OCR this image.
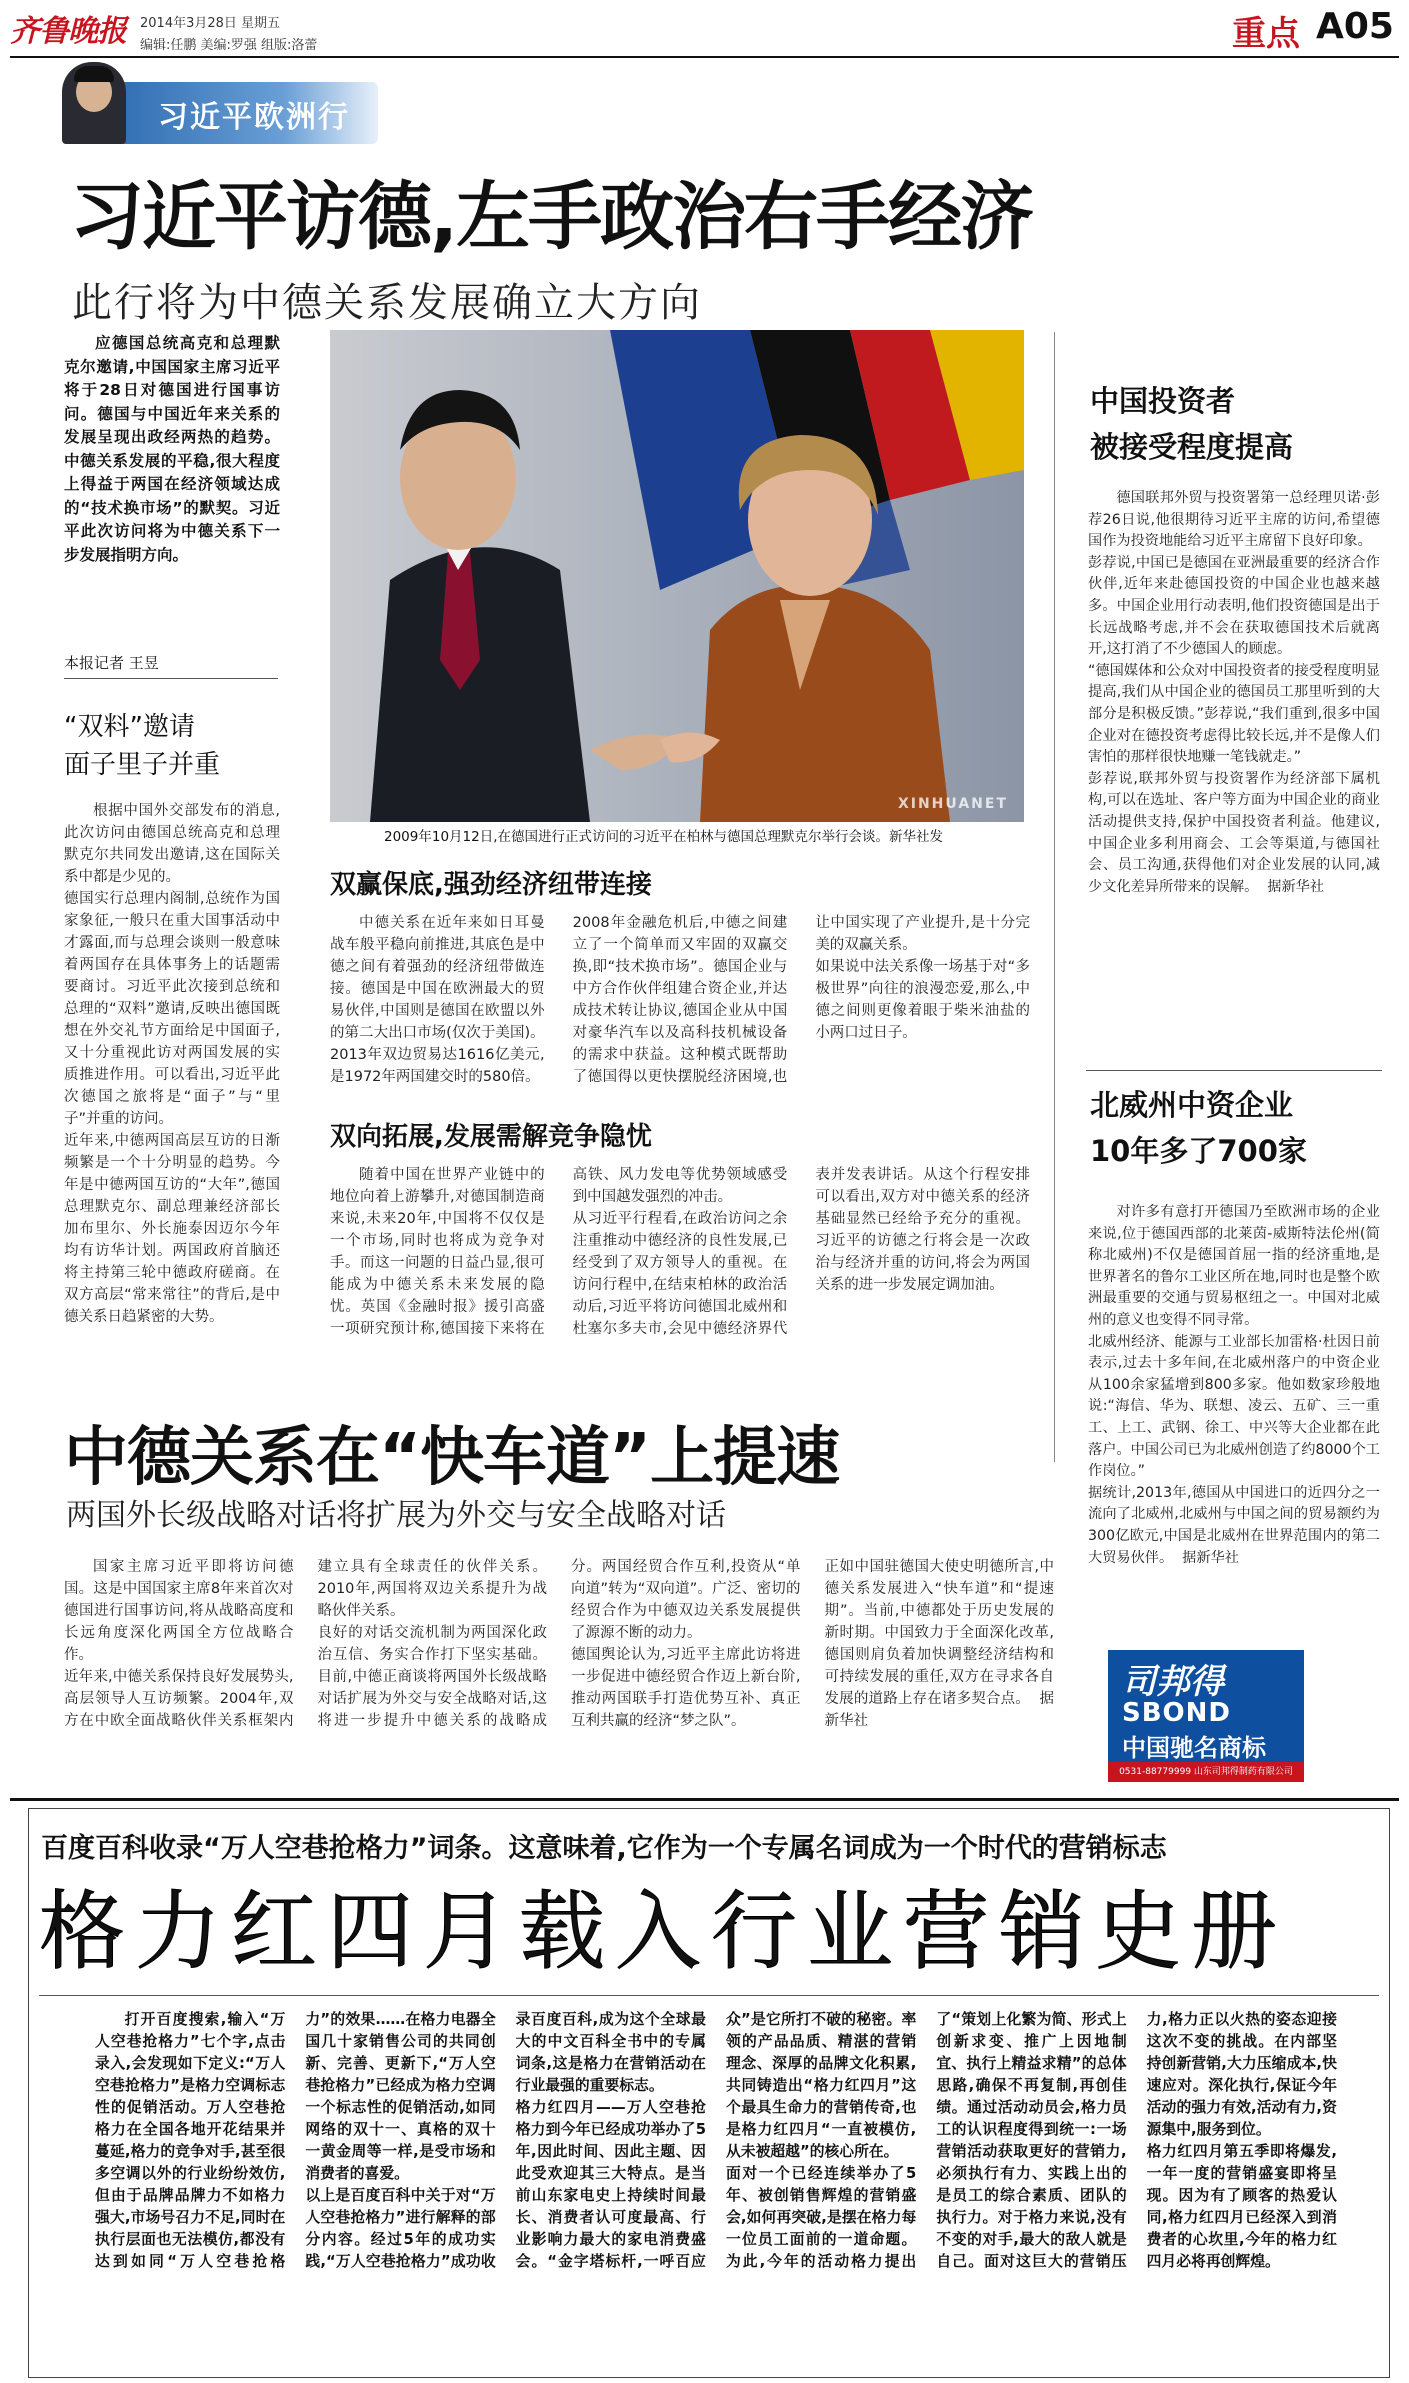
齐鲁晚报 2014年3月28日 星期五
编辑:任鹏 美编:罗强 组版:洛蕾	重点 A05
习近平欧洲行
习近平访德,左手政治右手经济
此行将为中德关系发展确立大方向
应德国总统高克和总理默克尔邀请,中国国家主席习近平将于28日对德国进行国事访问。德国与中国近年来关系的发展呈现出政经两热的趋势。中德关系发展的平稳,很大程度上得益于两国在经济领域达成的“技术换市场”的默契。习近平此次访问将为中德关系下一步发展指明方向。
本报记者 王昱
“双料”邀请
面子里子并重
根据中国外交部发布的消息,此次访问由德国总统高克和总理默克尔共同发出邀请,这在国际关系中都是少见的。
德国实行总理内阁制,总统作为国家象征,一般只在重大国事活动中才露面,而与总理会谈则一般意味着两国存在具体事务上的话题需要商讨。习近平此次接到总统和总理的“双料”邀请,反映出德国既想在外交礼节方面给足中国面子,又十分重视此访对两国发展的实质推进作用。可以看出,习近平此次德国之旅将是“面子”与“里子”并重的访问。
近年来,中德两国高层互访的日渐频繁是一个十分明显的趋势。今年是中德两国互访的“大年”,德国总理默克尔、副总理兼经济部长加布里尔、外长施泰因迈尔今年均有访华计划。两国政府首脑还将主持第三轮中德政府磋商。在双方高层“常来常往”的背后,是中德关系日趋紧密的大势。
XINHUANET
2009年10月12日,在德国进行正式访问的习近平在柏林与德国总理默克尔举行会谈。新华社发
双赢保底,强劲经济纽带连接
中德关系在近年来如日耳曼战车般平稳向前推进,其底色是中德之间有着强劲的经济纽带做连接。德国是中国在欧洲最大的贸易伙伴,中国则是德国在欧盟以外的第二大出口市场(仅次于美国)。2013年双边贸易达1616亿美元,是1972年两国建交时的580倍。
2008年金融危机后,中德之间建立了一个简单而又牢固的双赢交换,即“技术换市场”。德国企业与中方合作伙伴组建合资企业,并达成技术转让协议,德国企业从中国对豪华汽车以及高科技机械设备的需求中获益。这种模式既帮助了德国得以更快摆脱经济困境,也让中国实现了产业提升,是十分完美的双赢关系。
如果说中法关系像一场基于对“多极世界”向往的浪漫恋爱,那么,中德之间则更像着眼于柴米油盐的小两口过日子。
双向拓展,发展需解竞争隐忧
随着中国在世界产业链中的地位向着上游攀升,对德国制造商来说,未来20年,中国将不仅仅是一个市场,同时也将成为竞争对手。而这一问题的日益凸显,很可能成为中德关系未来发展的隐忧。英国《金融时报》援引高盛一项研究预计称,德国接下来将在高铁、风力发电等优势领域感受到中国越发强烈的冲击。
从习近平行程看,在政治访问之余注重推动中德经济的良性发展,已经受到了双方领导人的重视。在访问行程中,在结束柏林的政治活动后,习近平将访问德国北威州和杜塞尔多夫市,会见中德经济界代表并发表讲话。从这个行程安排可以看出,双方对中德关系的经济基础显然已经给予充分的重视。习近平的访德之行将会是一次政治与经济并重的访问,将会为两国关系的进一步发展定调加油。
中国投资者
被接受程度提高
德国联邦外贸与投资署第一总经理贝诺·彭荐26日说,他很期待习近平主席的访问,希望德国作为投资地能给习近平主席留下良好印象。
彭荐说,中国已是德国在亚洲最重要的经济合作伙伴,近年来赴德国投资的中国企业也越来越多。中国企业用行动表明,他们投资德国是出于长远战略考虑,并不会在获取德国技术后就离开,这打消了不少德国人的顾虑。
“德国媒体和公众对中国投资者的接受程度明显提高,我们从中国企业的德国员工那里听到的大部分是积极反馈。”彭荐说,“我们重到,很多中国企业对在德投资考虑得比较长远,并不是像人们害怕的那样很快地赚一笔钱就走。”
彭荐说,联邦外贸与投资署作为经济部下属机构,可以在选址、客户等方面为中国企业的商业活动提供支持,保护中国投资者利益。他建议,中国企业多利用商会、工会等渠道,与德国社会、员工沟通,获得他们对企业发展的认同,减少文化差异所带来的误解。  据新华社
北威州中资企业
10年多了700家
对许多有意打开德国乃至欧洲市场的企业来说,位于德国西部的北莱茵-威斯特法伦州(简称北威州)不仅是德国首屈一指的经济重地,是世界著名的鲁尔工业区所在地,同时也是整个欧洲最重要的交通与贸易枢纽之一。中国对北威州的意义也变得不同寻常。
北威州经济、能源与工业部长加雷格·杜因日前表示,过去十多年间,在北威州落户的中资企业从100余家猛增到800多家。他如数家珍般地说:“海信、华为、联想、凌云、五矿、三一重工、上工、武钢、徐工、中兴等大企业都在此落户。中国公司已为北威州创造了约8000个工作岗位。”
据统计,2013年,德国从中国进口的近四分之一流向了北威州,北威州与中国之间的贸易额约为300亿欧元,中国是北威州在世界范围内的第二大贸易伙伴。  据新华社
中德关系在“快车道”上提速
两国外长级战略对话将扩展为外交与安全战略对话
国家主席习近平即将访问德国。这是中国国家主席8年来首次对德国进行国事访问,将从战略高度和长远角度深化两国全方位战略合作。
近年来,中德关系保持良好发展势头,高层领导人互访频繁。2004年,双方在中欧全面战略伙伴关系框架内建立具有全球责任的伙伴关系。2010年,两国将双边关系提升为战略伙伴关系。
良好的对话交流机制为两国深化政治互信、务实合作打下坚实基础。目前,中德正商谈将两国外长级战略对话扩展为外交与安全战略对话,这将进一步提升中德关系的战略成分。两国经贸合作互利,投资从“单向道”转为“双向道”。广泛、密切的经贸合作为中德双边关系发展提供了源源不断的动力。
德国舆论认为,习近平主席此访将进一步促进中德经贸合作迈上新台阶,推动两国联手打造优势互补、真正互利共赢的经济“梦之队”。
正如中国驻德国大使史明德所言,中德关系发展进入“快车道”和“提速期”。当前,中德都处于历史发展的新时期。中国致力于全面深化改革,德国则肩负着加快调整经济结构和可持续发展的重任,双方在寻求各自发展的道路上存在诸多契合点。  据新华社
司邦得
SBOND
中国驰名商标
0531-88779999 山东司邦得制药有限公司
百度百科收录“万人空巷抢格力”词条。这意味着,它作为一个专属名词成为一个时代的营销标志
格力红四月载入行业营销史册
打开百度搜索,输入“万人空巷抢格力”七个字,点击录入,会发现如下定义:“万人空巷抢格力”是格力空调标志性的促销活动。万人空巷抢格力在全国各地开花结果并蔓延,格力的竞争对手,甚至很多空调以外的行业纷纷效仿,但由于品牌品牌力不如格力强大,市场号召力不足,同时在执行层面也无法模仿,都没有达到如同“万人空巷抢格力”的效果……在格力电器全国几十家销售公司的共同创新、完善、更新下,“万人空巷抢格力”已经成为格力空调一个标志性的促销活动,如同网络的双十一、真格的双十一黄金周等一样,是受市场和消费者的喜爱。
以上是百度百科中关于对“万人空巷抢格力”进行解释的部分内容。经过5年的成功实践,“万人空巷抢格力”成功收录百度百科,成为这个全球最大的中文百科全书中的专属词条,这是格力在营销活动在行业最强的重要标志。
格力红四月——万人空巷抢格力到今年已经成功举办了5年,因此时间、因此主题、因此受欢迎其三大特点。是当前山东家电史上持续时间最长、消费者认可度最高、行业影响力最大的家电消费盛会。“金字塔标杆,一呼百应众”是它所打不破的秘密。率领的产品品质、精湛的营销理念、深厚的品牌文化积累,共同铸造出“格力红四月”这个最具生命力的营销传奇,也是格力红四月“一直被模仿,从未被超越”的核心所在。
面对一个已经连续举办了5年、被创销售辉煌的营销盛会,如何再突破,是摆在格力每一位员工面前的一道命题。为此,今年的活动格力提出了“策划上化繁为简、形式上创新求变、推广上因地制宜、执行上精益求精”的总体思路,确保不再复制,再创佳绩。通过活动动员会,格力员工的认识程度得到统一:一场营销活动获取更好的营销力,必须执行有力、实践上出的是员工的综合素质、团队的执行力。对于格力来说,没有不变的对手,最大的敌人就是自己。面对这巨大的营销压力,格力正以火热的姿态迎接这次不变的挑战。在内部坚持创新营销,大力压缩成本,快速应对。深化执行,保证今年活动的强力有效,活动有力,资源集中,服务到位。
格力红四月第五季即将爆发,一年一度的营销盛宴即将呈现。因为有了顾客的热爱认同,格力红四月已经深入到消费者的心坎里,今年的格力红四月必将再创辉煌。
